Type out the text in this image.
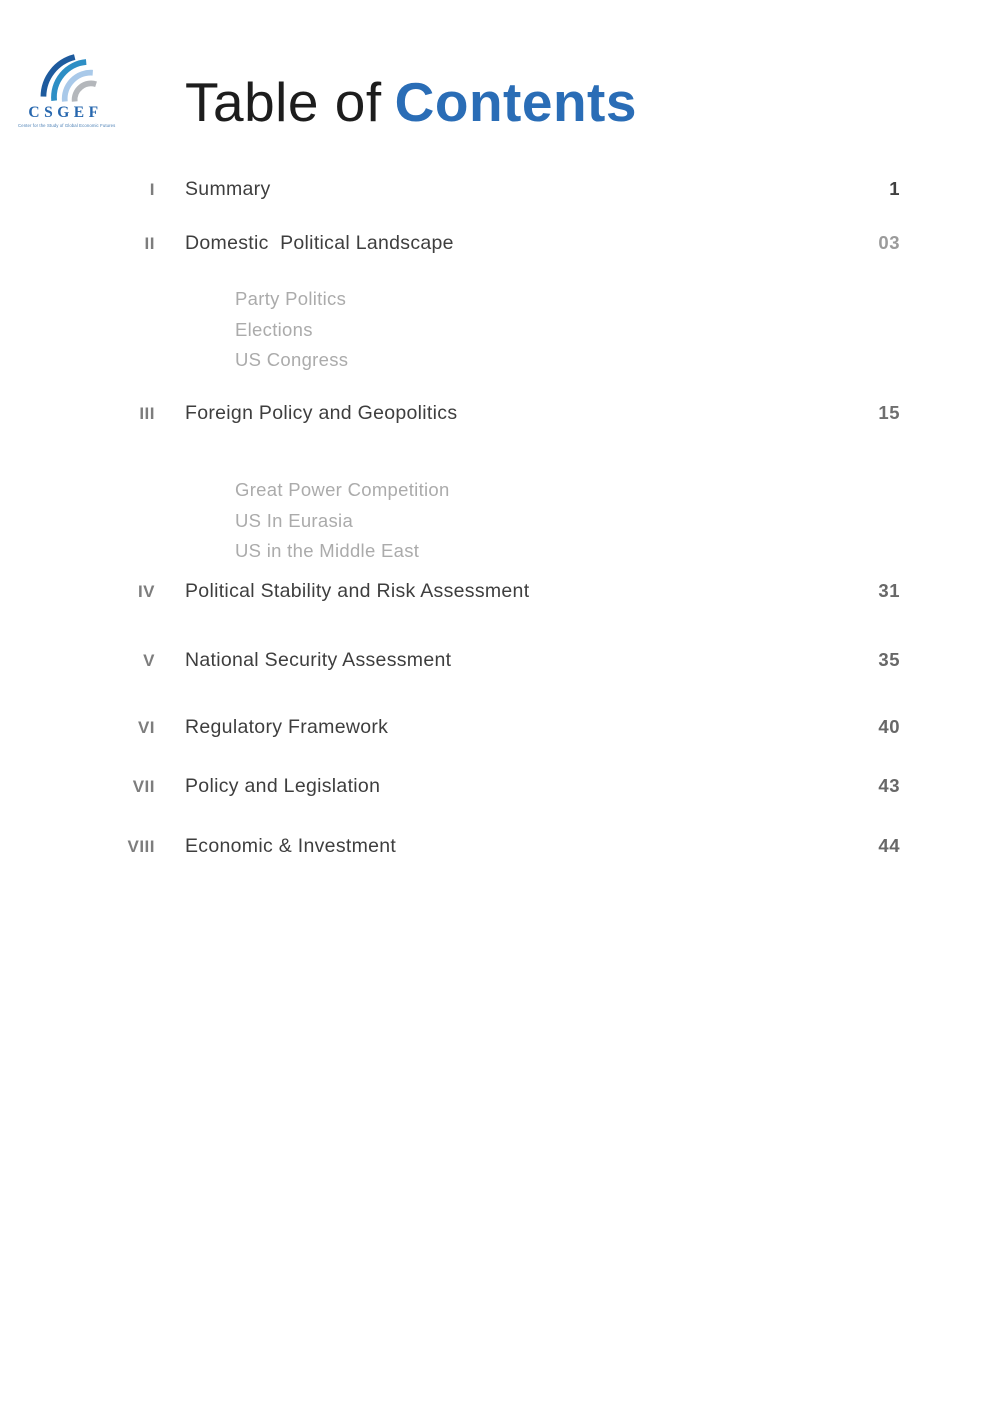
CSGEF
Center for the Study of Global Economic Futures Table of Contents
I Summary	1
II Domestic  Political Landscape	03
Party Politics
Elections
US Congress
III Foreign Policy and Geopolitics	15
Great Power Competition
US In Eurasia
US in the Middle East
IV Political Stability and Risk Assessment	31
V National Security Assessment	35
VI Regulatory Framework	40
VII Policy and Legislation	43
VIII Economic & Investment	44
